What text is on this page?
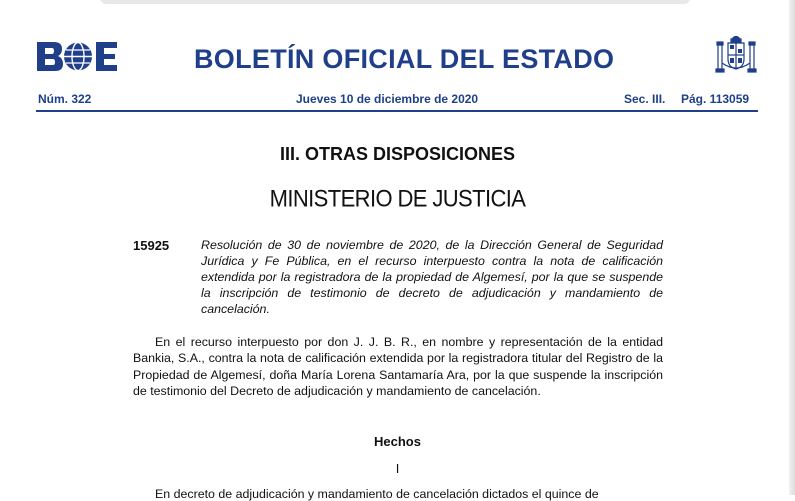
BOLETÍN OFICIAL DEL ESTADO
Núm. 322	Jueves 10 de diciembre de 2020	Sec. III. Pág. 113059
III. OTRAS DISPOSICIONES
MINISTERIO DE JUSTICIA
15925	Resolución de 30 de noviembre de 2020, de la Dirección General de Seguridad Jurídica y Fe Pública, en el recurso interpuesto contra la nota de calificación extendida por la registradora de la propiedad de Algemesí, por la que se suspende la inscripción de testimonio de decreto de adjudicación y mandamiento de cancelación.
En el recurso interpuesto por don J. J. B. R., en nombre y representación de la entidad Bankia, S.A., contra la nota de calificación extendida por la registradora titular del Registro de la Propiedad de Algemesí, doña María Lorena Santamaría Ara, por la que suspende la inscripción de testimonio del Decreto de adjudicación y mandamiento de cancelación.
Hechos
I
En decreto de adjudicación y mandamiento de cancelación dictados el quince de
